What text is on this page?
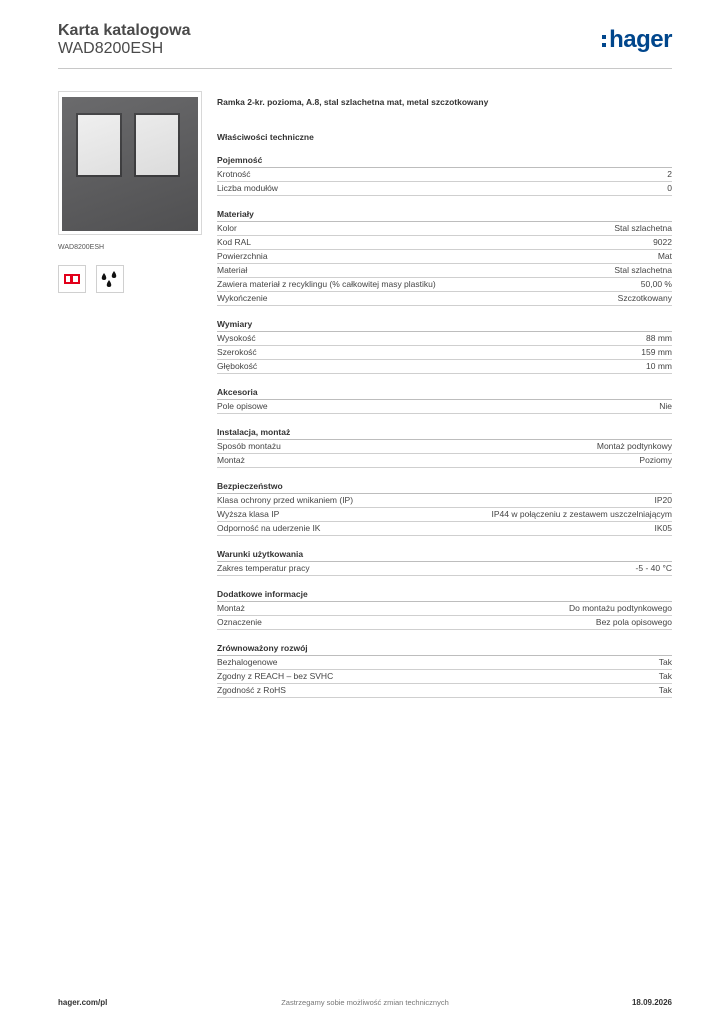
Karta katalogowa
WAD8200ESH	hager
WAD8200ESH
Ramka 2-kr. pozioma, A.8, stal szlachetna mat, metal szczotkowany
Właściwości techniczne
Pojemność
Krotność	2
Liczba modułów	0
Materiały
Kolor	Stal szlachetna
Kod RAL	9022
Powierzchnia	Mat
Materiał	Stal szlachetna
Zawiera materiał z recyklingu (% całkowitej masy plastiku)	50,00 %
Wykończenie	Szczotkowany
Wymiary
Wysokość	88 mm
Szerokość	159 mm
Głębokość	10 mm
Akcesoria
Pole opisowe	Nie
Instalacja, montaż
Sposób montażu	Montaż podtynkowy
Montaż	Poziomy
Bezpieczeństwo
Klasa ochrony przed wnikaniem (IP)	IP20
Wyższa klasa IP	IP44 w połączeniu z zestawem uszczelniającym
Odporność na uderzenie IK	IK05
Warunki użytkowania
Zakres temperatur pracy	-5 - 40 °C
Dodatkowe informacje
Montaż	Do montażu podtynkowego
Oznaczenie	Bez pola opisowego
Zrównoważony rozwój
Bezhalogenowe	Tak
Zgodny z REACH – bez SVHC	Tak
Zgodność z RoHS	Tak
hager.com/pl	Zastrzegamy sobie możliwość zmian technicznych	18.09.2026
